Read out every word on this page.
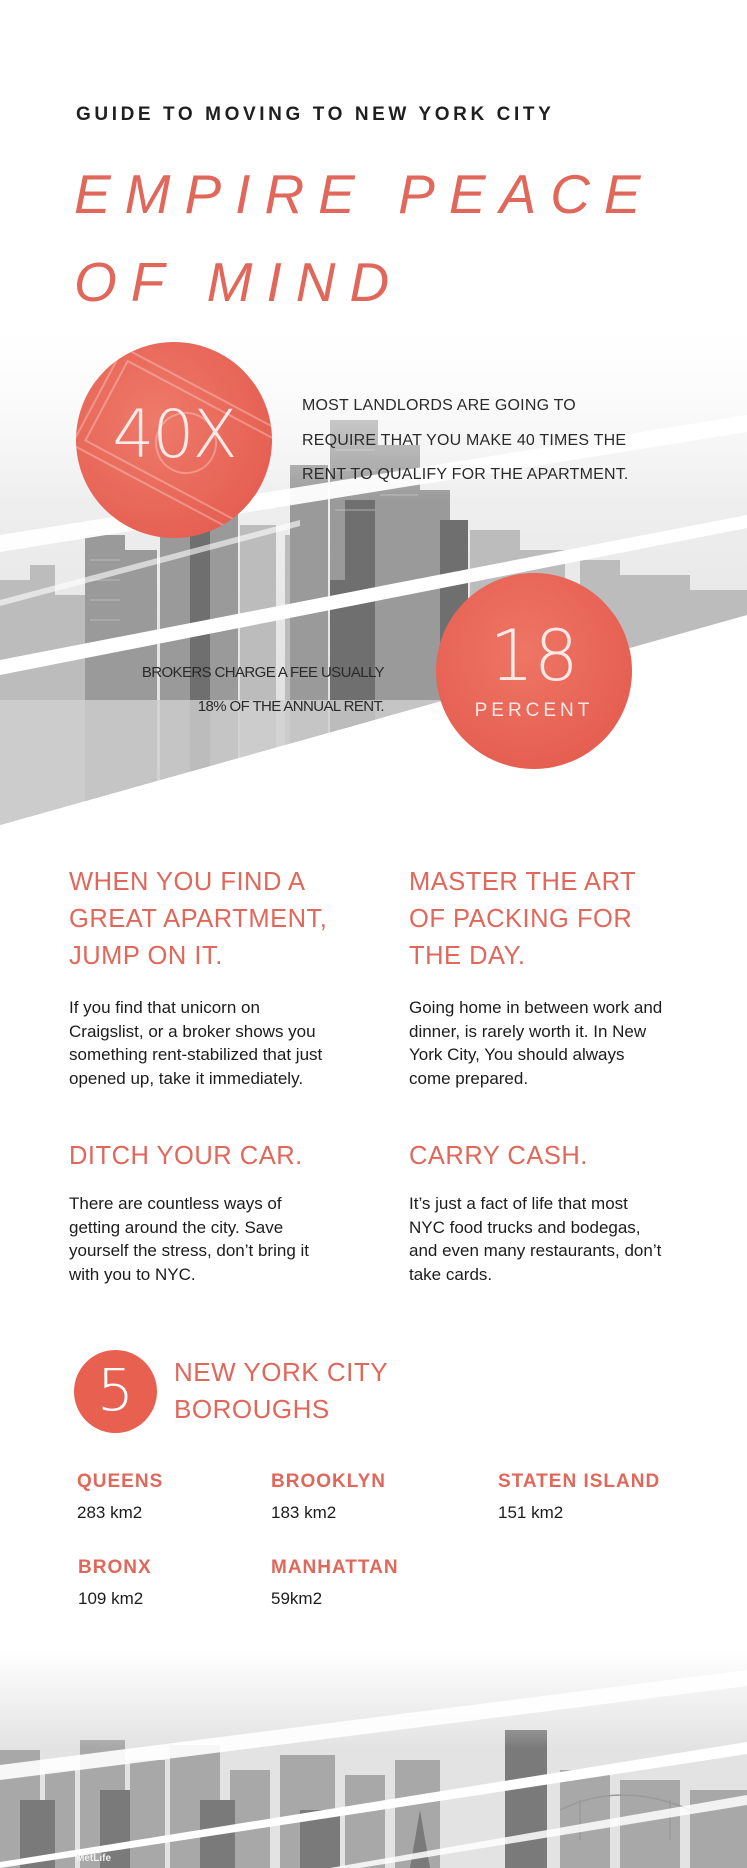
GUIDE TO MOVING TO NEW YORK CITY
EMPIRE PEACE
OF MIND
40X	MOST LANDLORDS ARE GOING TO
REQUIRE THAT YOU MAKE 40 TIMES THE
RENT TO QUALIFY FOR THE APARTMENT.
BROKERS CHARGE A FEE USUALLY
18% OF THE ANNUAL RENT.
18
PERCENT
WHEN YOU FIND A
GREAT APARTMENT,
JUMP ON IT.
If you find that unicorn on
Craigslist, or a broker shows you
something rent-stabilized that just
opened up, take it immediately.
MASTER THE ART
OF PACKING FOR
THE DAY.
Going home in between work and
dinner, is rarely worth it. In New
York City, You should always
come prepared.
DITCH YOUR CAR.
There are countless ways of
getting around the city. Save
yourself the stress, don’t bring it
with you to NYC.
CARRY CASH.
It’s just a fact of life that most
NYC food trucks and bodegas,
and even many restaurants, don’t
take cards.
5	NEW YORK CITY
BOROUGHS
QUEENS
283 km2
BROOKLYN
183 km2
STATEN ISLAND
151 km2
BRONX
109 km2
MANHATTAN
59km2
MetLife
